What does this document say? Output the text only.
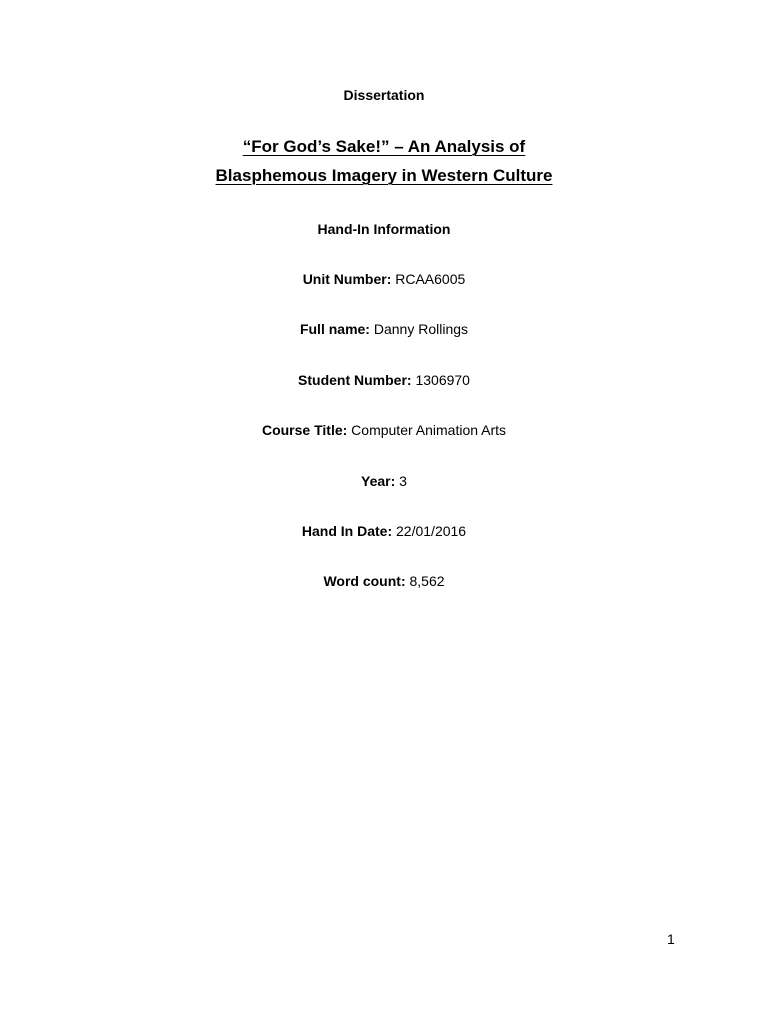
Dissertation
“For God’s Sake!” – An Analysis of
Blasphemous Imagery in Western Culture
Hand-In Information
Unit Number: RCAA6005
Full name: Danny Rollings
Student Number: 1306970
Course Title: Computer Animation Arts
Year: 3
Hand In Date: 22/01/2016
Word count: 8,562
1
